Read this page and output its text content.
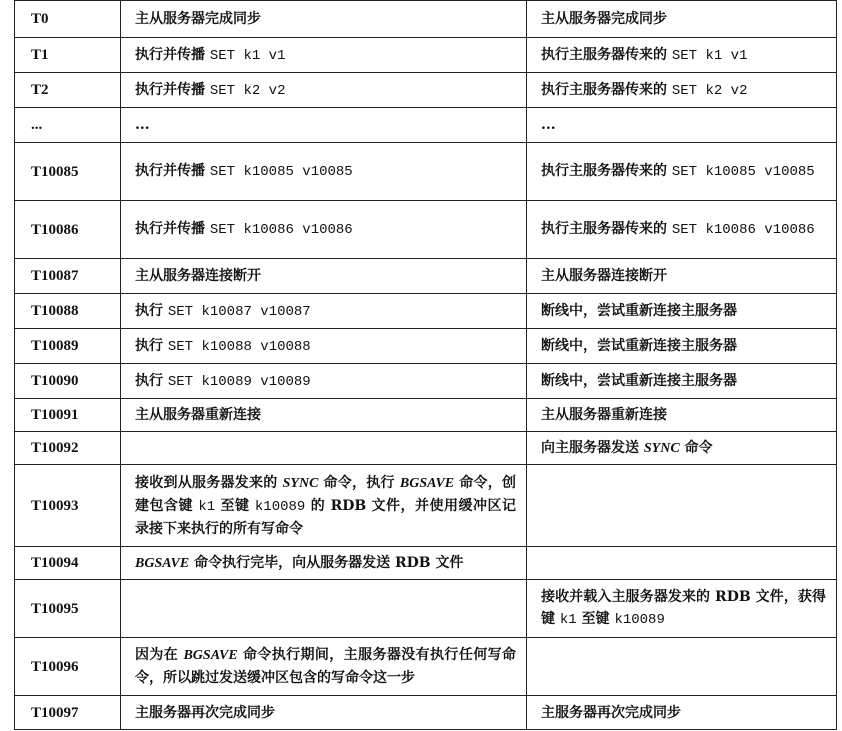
T0	主从服务器完成同步	主从服务器完成同步
T1	执行并传播 SET k1 v1	执行主服务器传来的 SET k1 v1
T2	执行并传播 SET k2 v2	执行主服务器传来的 SET k2 v2
...	...	...
T10085	执行并传播 SET k10085 v10085	执行主服务器传来的 SET k10085 v10085
T10086	执行并传播 SET k10086 v10086	执行主服务器传来的 SET k10086 v10086
T10087	主从服务器连接断开	主从服务器连接断开
T10088	执行 SET k10087 v10087	断线中，尝试重新连接主服务器
T10089	执行 SET k10088 v10088	断线中，尝试重新连接主服务器
T10090	执行 SET k10089 v10089	断线中，尝试重新连接主服务器
T10091	主从服务器重新连接	主从服务器重新连接
T10092		向主服务器发送 SYNC 命令
T10093	接收到从服务器发来的 SYNC 命令，执行 BGSAVE 命令，创建包含键 k1 至键 k10089 的 RDB 文件，并使用缓冲区记录接下来执行的所有写命令	
T10094	BGSAVE 命令执行完毕，向从服务器发送 RDB 文件	
T10095		接收并载入主服务器发来的 RDB 文件，获得键 k1 至键 k10089
T10096	因为在 BGSAVE 命令执行期间，主服务器没有执行任何写命令，所以跳过发送缓冲区包含的写命令这一步	
T10097	主服务器再次完成同步	主服务器再次完成同步
